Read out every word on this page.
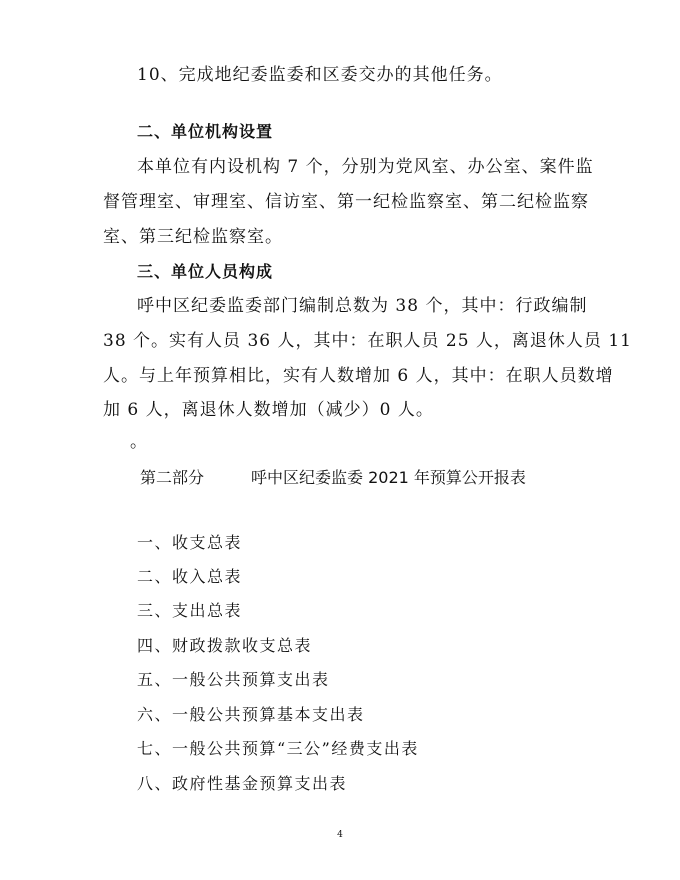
10、完成地纪委监委和区委交办的其他任务。
二、单位机构设置
本单位有内设机构 7 个，分别为党风室、办公室、案件监
督管理室、审理室、信访室、第一纪检监察室、第二纪检监察
室、第三纪检监察室。
三、单位人员构成
呼中区纪委监委部门编制总数为 38 个，其中：行政编制
38 个。实有人员 36 人，其中：在职人员 25 人，离退休人员 11
人。与上年预算相比，实有人数增加 6 人，其中：在职人员数增
加 6 人，离退休人数增加（减少）0 人。
。
第二部分	呼中区纪委监委 2021 年预算公开报表
一、收支总表
二、收入总表
三、支出总表
四、财政拨款收支总表
五、一般公共预算支出表
六、一般公共预算基本支出表
七、一般公共预算“三公”经费支出表
八、政府性基金预算支出表
4
